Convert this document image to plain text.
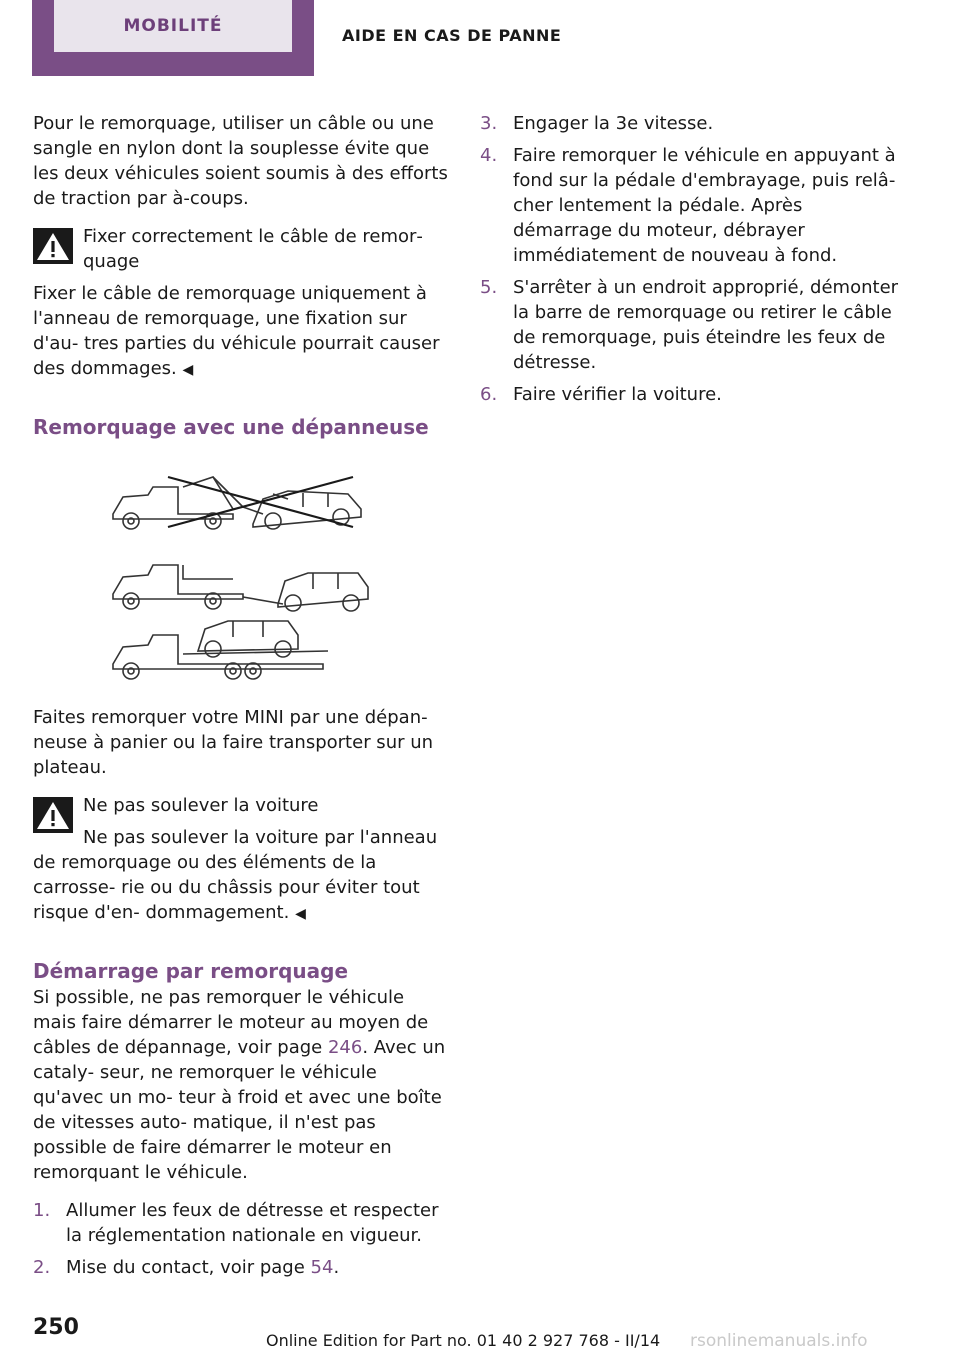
MOBILITÉ	AIDE EN CAS DE PANNE

Pour le remorquage, utiliser un câble ou une sangle en nylon dont la souplesse évite que les deux véhicules soient soumis à des efforts de traction par à-coups.

Fixer correctement le câble de remor‐ quage

Fixer le câble de remorquage uniquement à l'anneau de remorquage, une fixation sur d'au‐ tres parties du véhicule pourrait causer des dommages. ◀

Remorquage avec une dépanneuse

Faites remorquer votre MINI par une dépan‐ neuse à panier ou la faire transporter sur un plateau.

Ne pas soulever la voiture

Ne pas soulever la voiture par l'anneau
de remorquage ou des éléments de la carrosse‐ rie ou du châssis pour éviter tout risque d'en‐ dommagement. ◀

Démarrage par remorquage

Si possible, ne pas remorquer le véhicule mais faire démarrer le moteur au moyen de câbles de dépannage, voir page 246. Avec un cataly‐ seur, ne remorquer le véhicule qu'avec un mo‐ teur à froid et avec une boîte de vitesses auto‐ matique, il n'est pas possible de faire démarrer le moteur en remorquant le véhicule.

1. Allumer les feux de détresse et respecter la réglementation nationale en vigueur.
2. Mise du contact, voir page 54.
3. Engager la 3e vitesse.
4. Faire remorquer le véhicule en appuyant à fond sur la pédale d'embrayage, puis relâ‐ cher lentement la pédale. Après démarrage du moteur, débrayer immédiatement de nouveau à fond.
5. S'arrêter à un endroit approprié, démonter la barre de remorquage ou retirer le câble de remorquage, puis éteindre les feux de détresse.
6. Faire vérifier la voiture.
250
Online Edition for Part no. 01 40 2 927 768 - II/14 rsonlinemanuals.info
